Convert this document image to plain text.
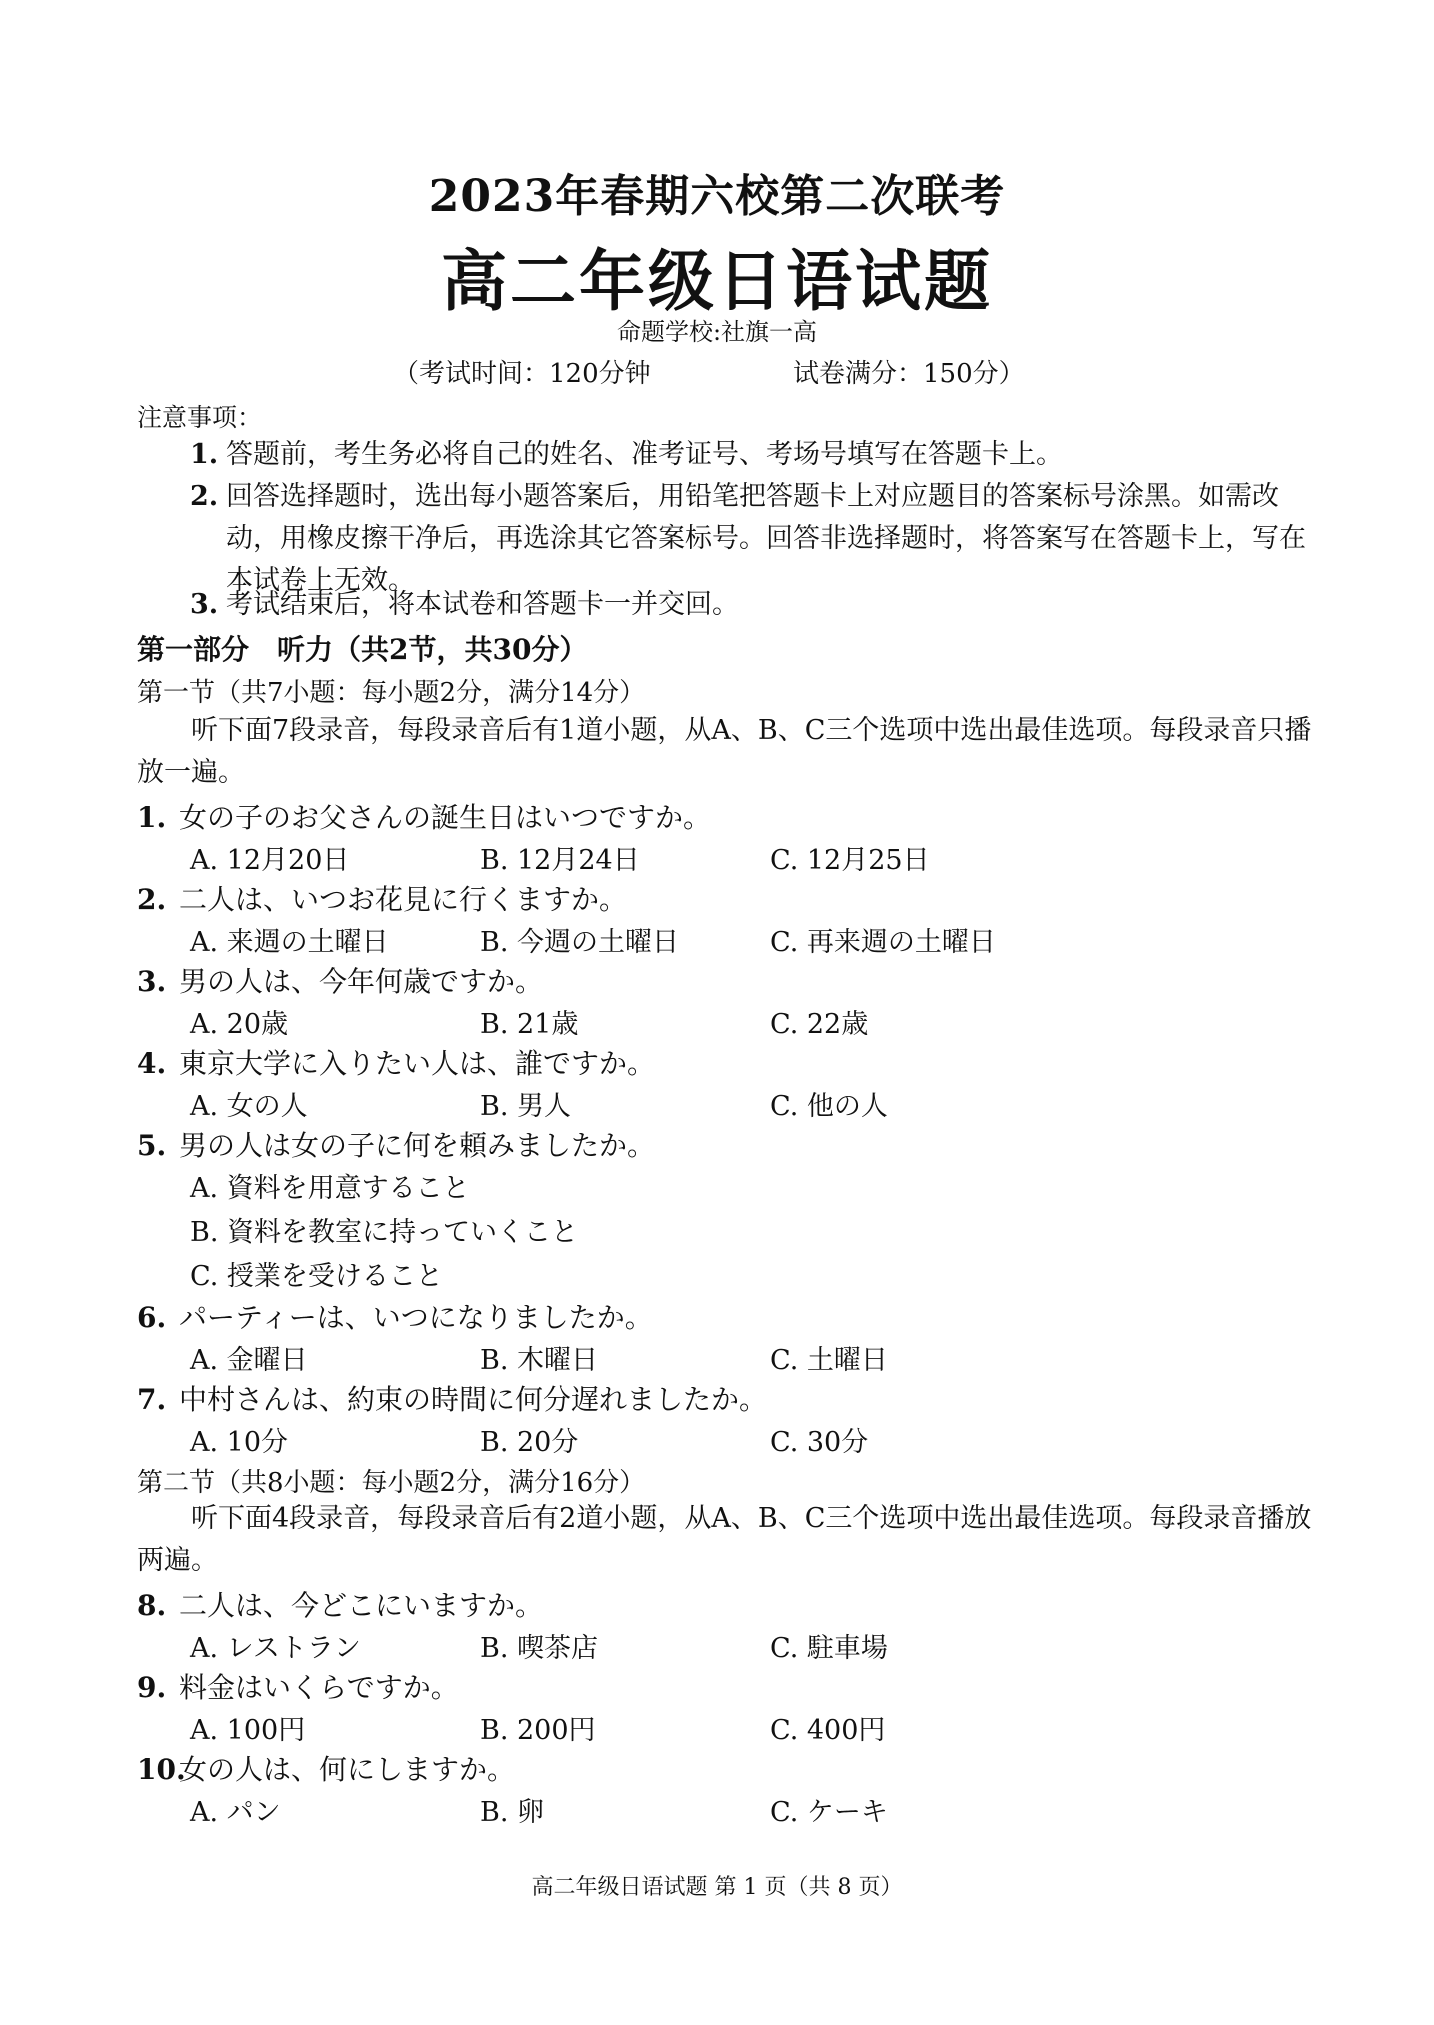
2023年春期六校第二次联考
高二年级日语试题
命题学校:社旗一高
（考试时间：120分钟	试卷满分：150分）
注意事项：
1. 答题前，考生务必将自己的姓名、准考证号、考场号填写在答题卡上。
2. 回答选择题时，选出每小题答案后，用铅笔把答题卡上对应题目的答案标号涂黑。如需改动，用橡皮擦干净后，再选涂其它答案标号。回答非选择题时，将答案写在答题卡上，写在本试卷上无效。
3. 考试结束后，将本试卷和答题卡一并交回。
第一部分　听力（共2节，共30分）
第一节（共7小题：每小题2分，满分14分）
听下面7段录音，每段录音后有1道小题，从A、B、C三个选项中选出最佳选项。每段录音只播放一遍。
1. 女の子のお父さんの誕生日はいつですか。
A. 12月20日	B. 12月24日	C. 12月25日
2. 二人は、いつお花見に行くますか。
A. 来週の土曜日	B. 今週の土曜日	C. 再来週の土曜日
3. 男の人は、今年何歳ですか。
A. 20歳	B. 21歳	C. 22歳
4. 東京大学に入りたい人は、誰ですか。
A. 女の人	B. 男人	C. 他の人
5. 男の人は女の子に何を頼みましたか。
A. 資料を用意すること
B. 資料を教室に持っていくこと
C. 授業を受けること
6. パーティーは、いつになりましたか。
A. 金曜日	B. 木曜日	C. 土曜日
7. 中村さんは、約束の時間に何分遅れましたか。
A. 10分	B. 20分	C. 30分
第二节（共8小题：每小题2分，满分16分）
听下面4段录音，每段录音后有2道小题，从A、B、C三个选项中选出最佳选项。每段录音播放两遍。
8. 二人は、今どこにいますか。
A. レストラン	B. 喫茶店	C. 駐車場
9. 料金はいくらですか。
A. 100円	B. 200円	C. 400円
10.女の人は、何にしますか。
A. パン	B. 卵	C. ケーキ
高二年级日语试题 第 1 页（共 8 页）
